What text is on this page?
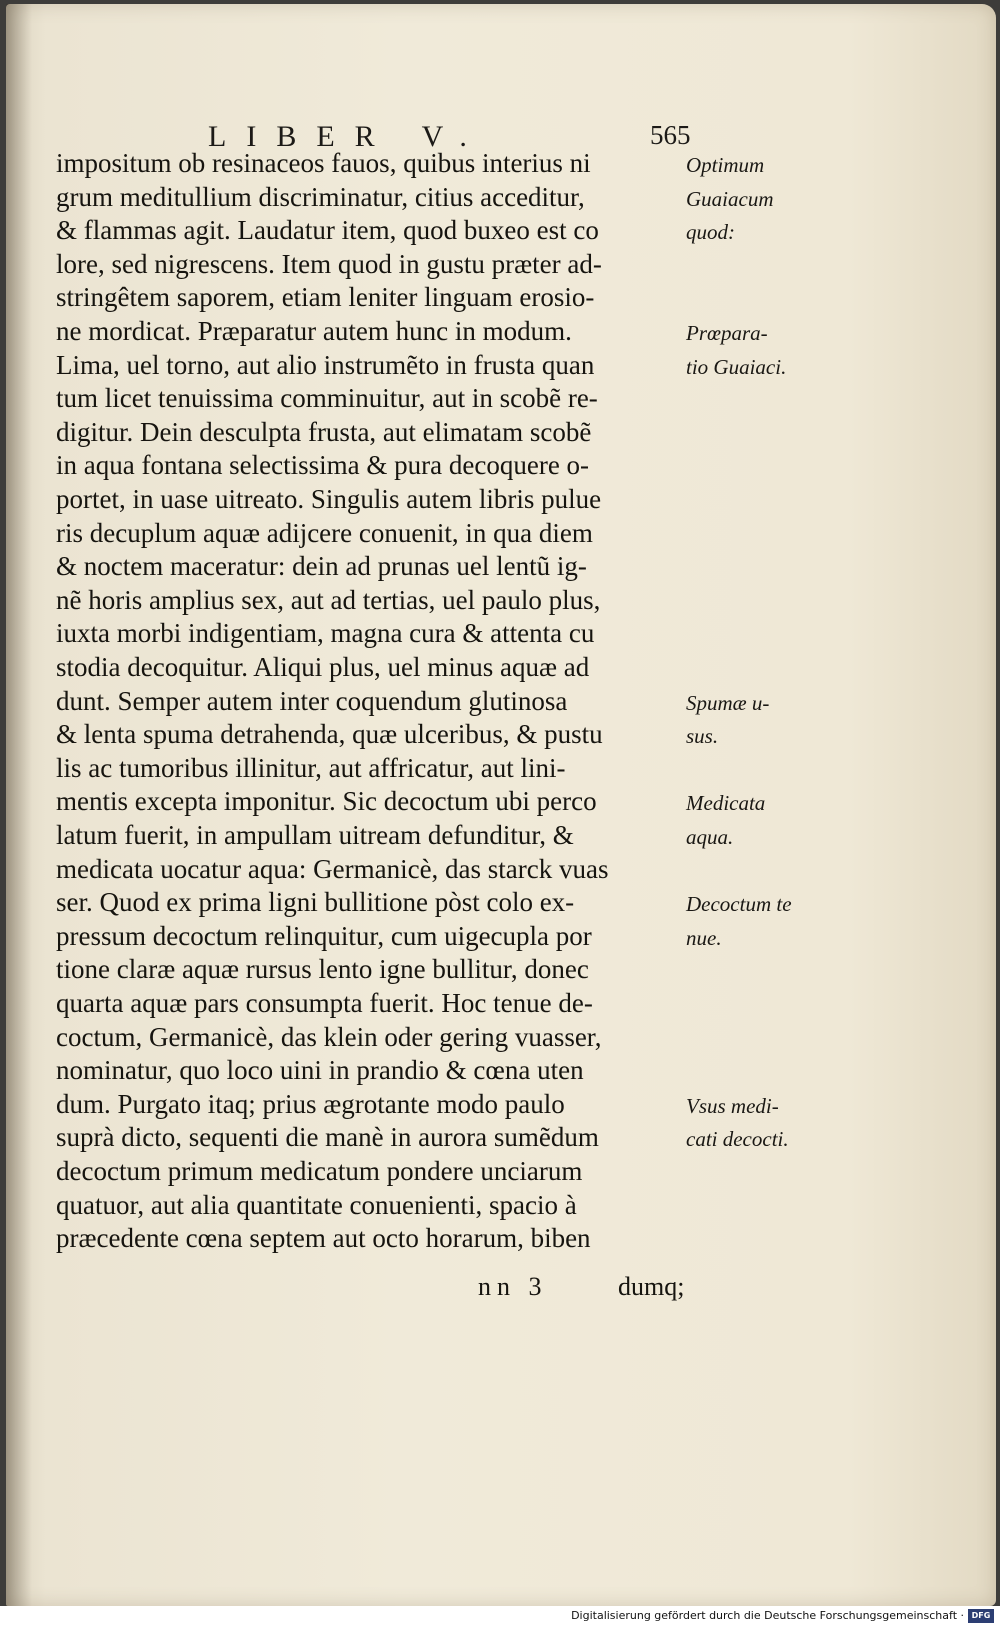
LIBER V.	565
impositum ob resinaceos fauos, quibus interius ni
grum meditullium discriminatur, citius acceditur,
& flammas agit. Laudatur item, quod buxeo est co
lore, sed nigrescens. Item quod in gustu præter ad-
stringêtem saporem, etiam leniter linguam erosio-
ne mordicat. Præparatur autem hunc in modum.
Lima, uel torno, aut alio instrumẽto in frusta quan
tum licet tenuissima comminuitur, aut in scobẽ re-
digitur. Dein desculpta frusta, aut elimatam scobẽ
in aqua fontana selectissima & pura decoquere o-
portet, in uase uitreato. Singulis autem libris pulue
ris decuplum aquæ adijcere conuenit, in qua diem
& noctem maceratur: dein ad prunas uel lentũ ig-
nẽ horis amplius sex, aut ad tertias, uel paulo plus,
iuxta morbi indigentiam, magna cura & attenta cu
stodia decoquitur. Aliqui plus, uel minus aquæ ad
dunt. Semper autem inter coquendum glutinosa
& lenta spuma detrahenda, quæ ulceribus, & pustu
lis ac tumoribus illinitur, aut affricatur, aut lini-
mentis excepta imponitur. Sic decoctum ubi perco
latum fuerit, in ampullam uitream defunditur, &
medicata uocatur aqua: Germanicè, das starck vuas
ser. Quod ex prima ligni bullitione pòst colo ex-
pressum decoctum relinquitur, cum uigecupla por
tione claræ aquæ rursus lento igne bullitur, donec
quarta aquæ pars consumpta fuerit. Hoc tenue de-
coctum, Germanicè, das klein oder gering vuasser,
nominatur, quo loco uini in prandio & cœna uten
dum. Purgato itaq; prius ægrotante modo paulo
suprà dicto, sequenti die manè in aurora sumẽdum
decoctum primum medicatum pondere unciarum
quatuor, aut alia quantitate conuenienti, spacio à
præcedente cœna septem aut octo horarum, biben
Optimum
Guaiacum
quod:
Prœpara-
tio Guaiaci.
Spumæ u-
sus.
Medicata
aqua.
Decoctum te
nue.
Vsus medi-
cati decocti.
nn 3	dumq;
Digitalisierung gefördert durch die Deutsche Forschungsgemeinschaft · DFG
